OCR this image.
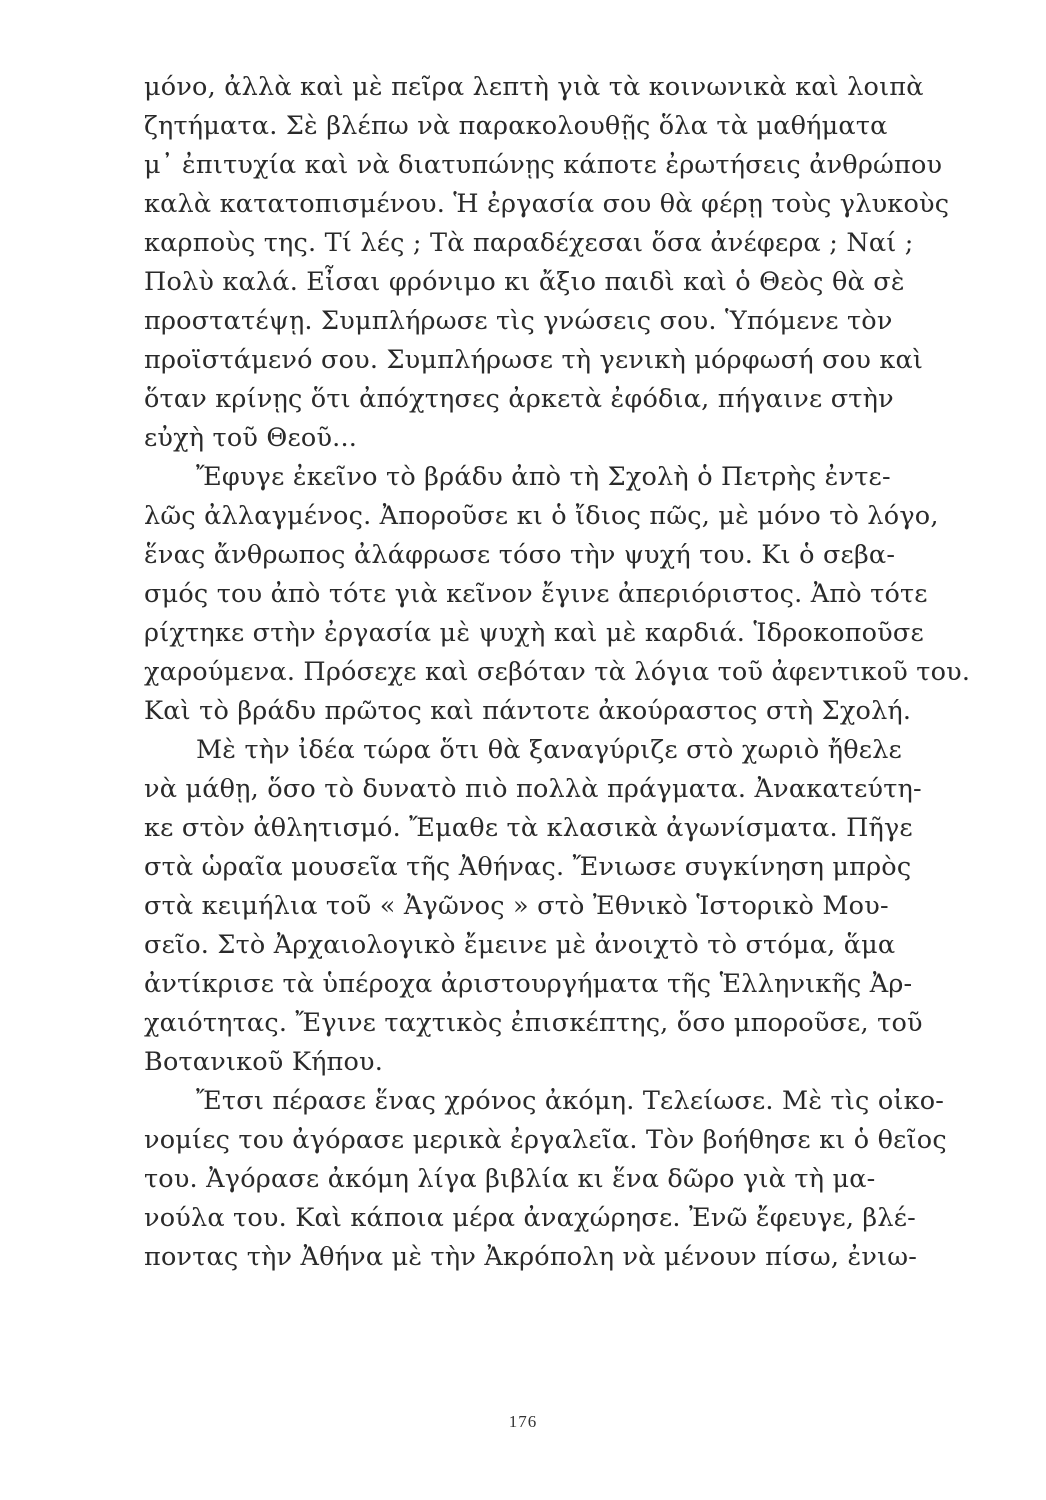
μόνο, ἀλλὰ καὶ μὲ πεῖρα λεπτὴ γιὰ τὰ κοινωνικὰ καὶ λοιπὰ
ζητήματα. Σὲ βλέπω νὰ παρακολουθῇς ὅλα τὰ μαθήματα
μ᾽ ἐπιτυχία καὶ νὰ διατυπώνῃς κάποτε ἐρωτήσεις ἀνθρώπου
καλὰ κατατοπισμένου. Ἡ ἐργασία σου θὰ φέρῃ τοὺς γλυκοὺς
καρποὺς της. Τί λές ; Τὰ παραδέχεσαι ὅσα ἀνέφερα ; Ναί ;
Πολὺ καλά. Εἶσαι φρόνιμο κι ἄξιο παιδὶ καὶ ὁ Θεὸς θὰ σὲ
προστατέψῃ. Συμπλήρωσε τὶς γνώσεις σου. Ὑπόμενε τὸν
προϊστάμενό σου. Συμπλήρωσε τὴ γενικὴ μόρφωσή σου καὶ
ὅταν κρίνῃς ὅτι ἀπόχτησες ἀρκετὰ ἐφόδια, πήγαινε στὴν
εὐχὴ τοῦ Θεοῦ...
Ἔφυγε ἐκεῖνο τὸ βράδυ ἀπὸ τὴ Σχολὴ ὁ Πετρὴς ἐντε-
λῶς ἀλλαγμένος. Ἀποροῦσε κι ὁ ἴδιος πῶς, μὲ μόνο τὸ λόγο,
ἕνας ἄνθρωπος ἀλάφρωσε τόσο τὴν ψυχή του. Κι ὁ σεβα-
σμός του ἀπὸ τότε γιὰ κεῖνον ἔγινε ἀπεριόριστος. Ἀπὸ τότε
ρίχτηκε στὴν ἐργασία μὲ ψυχὴ καὶ μὲ καρδιά. Ἱδροκοποῦσε
χαρούμενα. Πρόσεχε καὶ σεβόταν τὰ λόγια τοῦ ἀφεντικοῦ του.
Καὶ τὸ βράδυ πρῶτος καὶ πάντοτε ἀκούραστος στὴ Σχολή.
Μὲ τὴν ἰδέα τώρα ὅτι θὰ ξαναγύριζε στὸ χωριὸ ἤθελε
νὰ μάθῃ, ὅσο τὸ δυνατὸ πιὸ πολλὰ πράγματα. Ἀνακατεύτη-
κε στὸν ἀθλητισμό. Ἔμαθε τὰ κλασικὰ ἀγωνίσματα. Πῆγε
στὰ ὡραῖα μουσεῖα τῆς Ἀθήνας. Ἔνιωσε συγκίνηση μπρὸς
στὰ κειμήλια τοῦ « Ἀγῶνος » στὸ Ἐθνικὸ Ἱστορικὸ Μου-
σεῖο. Στὸ Ἀρχαιολογικὸ ἔμεινε μὲ ἀνοιχτὸ τὸ στόμα, ἅμα
ἀντίκρισε τὰ ὑπέροχα ἀριστουργήματα τῆς Ἑλληνικῆς Ἀρ-
χαιότητας. Ἔγινε ταχτικὸς ἐπισκέπτης, ὅσο μποροῦσε, τοῦ
Βοτανικοῦ Κήπου.
Ἔτσι πέρασε ἕνας χρόνος ἀκόμη. Τελείωσε. Μὲ τὶς οἰκο-
νομίες του ἀγόρασε μερικὰ ἐργαλεῖα. Τὸν βοήθησε κι ὁ θεῖος
του. Ἀγόρασε ἀκόμη λίγα βιβλία κι ἕνα δῶρο γιὰ τὴ μα-
νούλα του. Καὶ κάποια μέρα ἀναχώρησε. Ἐνῶ ἔφευγε, βλέ-
ποντας τὴν Ἀθήνα μὲ τὴν Ἀκρόπολη νὰ μένουν πίσω, ἐνιω-
176
